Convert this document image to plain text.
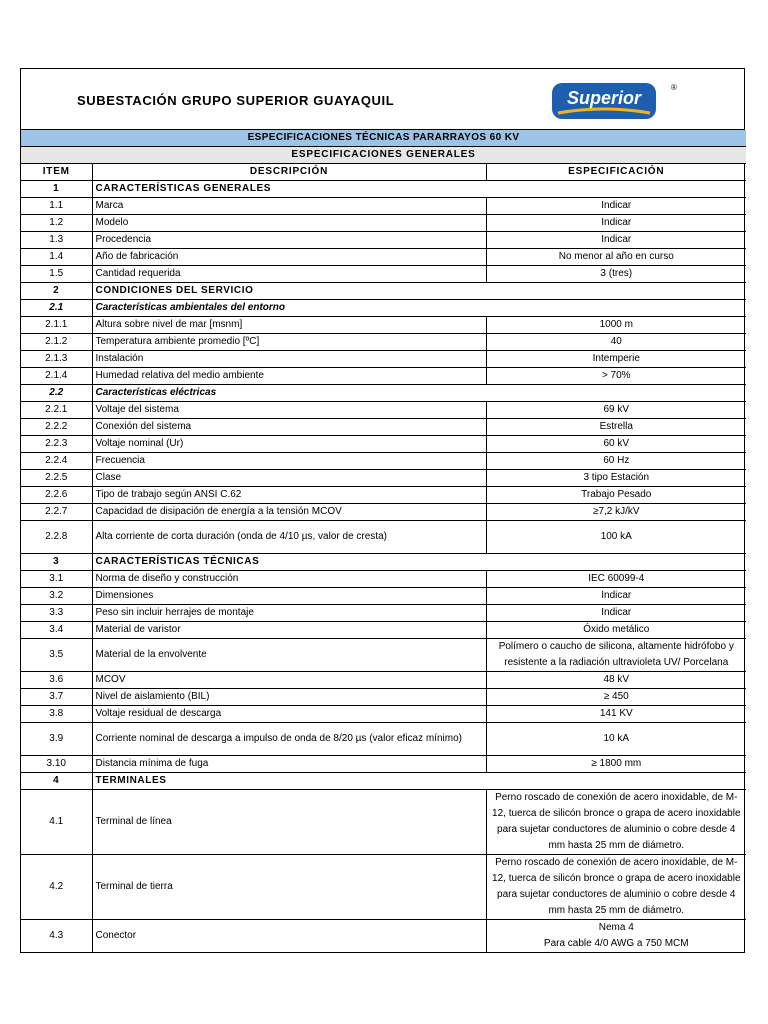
SUBESTACIÓN GRUPO SUPERIOR GUAYAQUIL	Superior
®
ESPECIFICACIONES TÉCNICAS PARARRAYOS 60 KV		
ESPECIFICACIONES GENERALES		
ITEM	DESCRIPCIÓN	ESPECIFICACIÓN
1	CARACTERÍSTICAS GENERALES	
1.1	Marca	Indicar
1.2	Modelo	Indicar
1.3	Procedencia	Indicar
1.4	Año de fabricación	No menor al año en curso
1.5	Cantidad requerida	3 (tres)
2	CONDICIONES DEL SERVICIO	
2.1	Características ambientales del entorno	
2.1.1	Altura sobre nivel de mar [msnm]	1000 m
2.1.2	Temperatura ambiente promedio [ºC]	40
2.1.3	Instalación	Intemperie
2.1.4	Humedad relativa del medio ambiente	> 70%
2.2	Características eléctricas	
2.2.1	Voltaje del sistema	69 kV
2.2.2	Conexión del sistema	Estrella
2.2.3	Voltaje nominal (Ur)	60 kV
2.2.4	Frecuencia	60 Hz
2.2.5	Clase	3 tipo Estación
2.2.6	Tipo de trabajo según ANSI C.62	Trabajo Pesado
2.2.7	Capacidad de disipación de energía a la tensión MCOV	≥7,2 kJ/kV
2.2.8	Alta corriente de corta duración (onda de 4/10 µs, valor de cresta)	100 kA
3	CARACTERÍSTICAS TÉCNICAS	
3.1	Norma de diseño y construcción	IEC 60099-4
3.2	Dimensiones	Indicar
3.3	Peso sin incluir herrajes de montaje	Indicar
3.4	Material de varistor	Óxido metálico
3.5	Material de la envolvente	Polímero o caucho de silicona, altamente hidrófobo y resistente a la radiación ultravioleta UV/ Porcelana
3.6	MCOV	48 kV
3.7	Nivel de aislamiento (BIL)	≥ 450
3.8	Voltaje residual de descarga	141 KV
3.9	Corriente nominal de descarga a impulso de onda de 8/20 µs (valor eficaz mínimo)	10 kA
3.10	Distancia mínima de fuga	≥ 1800 mm
4	TERMINALES	
4.1	Terminal de línea	Perno roscado de conexión de acero inoxidable, de M-12, tuerca de silicón bronce o grapa de acero inoxidable para sujetar conductores de aluminio o cobre desde 4 mm hasta 25 mm de diámetro.
4.2	Terminal de tierra	Perno roscado de conexión de acero inoxidable, de M-12, tuerca de silicón bronce o grapa de acero inoxidable para sujetar conductores de aluminio o cobre desde 4 mm hasta 25 mm de diámetro.
4.3	Conector	Nema 4
Para cable 4/0 AWG a 750 MCM
